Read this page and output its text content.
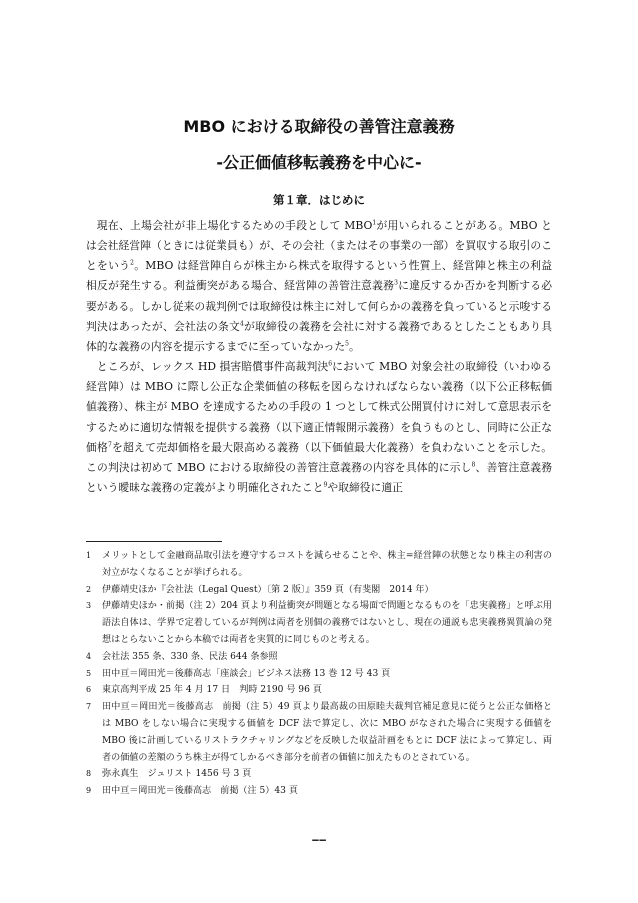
MBO における取締役の善管注意義務
-公正価値移転義務を中心に-
第１章．はじめに

現在、上場会社が非上場化するための手段として MBO$^1$が用いられることがある。MBO とは会社経営陣（ときには従業員も）が、その会社（またはその事業の一部）を買収する取引のことをいう$^2$。MBO は経営陣自らが株主から株式を取得するという性質上、経営陣と株主の利益相反が発生する。利益衝突がある場合、経営陣の善管注意義務$^3$に違反するか否かを判断する必要がある。しかし従来の裁判例では取締役は株主に対して何らかの義務を負っていると示唆する判決はあったが、会社法の条文$^4$が取締役の義務を会社に対する義務であるとしたこともあり具体的な義務の内容を提示するまでに至っていなかった$^5$。

ところが、レックス HD 損害賠償事件高裁判決$^6$において MBO 対象会社の取締役（いわゆる経営陣）は MBO に際し公正な企業価値の移転を図らなければならない義務（以下公正移転価値義務）、株主が MBO を達成するための手段の 1 つとして株式公開買付けに対して意思表示をするために適切な情報を提供する義務（以下適正情報開示義務）を負うものとし、同時に公正な価格$^7$を超えて売却価格を最大限高める義務（以下価値最大化義務）を負わないことを示した。この判決は初めて MBO における取締役の善管注意義務の内容を具体的に示し$^8$、善管注意義務という曖昧な義務の定義がより明確化されたこと$^9$や取締役に適正

1	メリットとして金融商品取引法を遵守するコストを減らせることや、株主=経営陣の状態となり株主の利害の対立がなくなることが挙げられる。
2	伊藤靖史ほか『会社法（Legal Quest）〔第 2 版〕』359 頁（有斐閣　2014 年）
3	伊藤靖史ほか・前掲（注 2）204 頁より利益衝突が問題となる場面で問題となるものを「忠実義務」と呼ぶ用語法自体は、学界で定着しているが判例は両者を別個の義務ではないとし、現在の通説も忠実義務異質論の発想はとらないことから本稿では両者を実質的に同じものと考える。
4	会社法 355 条、330 条、民法 644 条参照
5	田中亘＝岡田光＝後藤高志「座談会」ビジネス法務 13 巻 12 号 43 頁
6	東京高判平成 25 年 4 月 17 日　判時 2190 号 96 頁
7	田中亘＝岡田光＝後藤高志　前掲（注 5）49 頁より最高裁の田原睦夫裁判官補足意見に従うと公正な価格とは MBO をしない場合に実現する価値を DCF 法で算定し、次に MBO がなされた場合に実現する価値を MBO 後に計画しているリストラクチャリングなどを反映した収益計画をもとに DCF 法によって算定し、両者の価値の差額のうち株主が得てしかるべき部分を前者の価値に加えたものとされている。
8	弥永真生　ジュリスト 1456 号 3 頁
9	田中亘＝岡田光＝後藤高志　前掲（注 5）43 頁
−−
